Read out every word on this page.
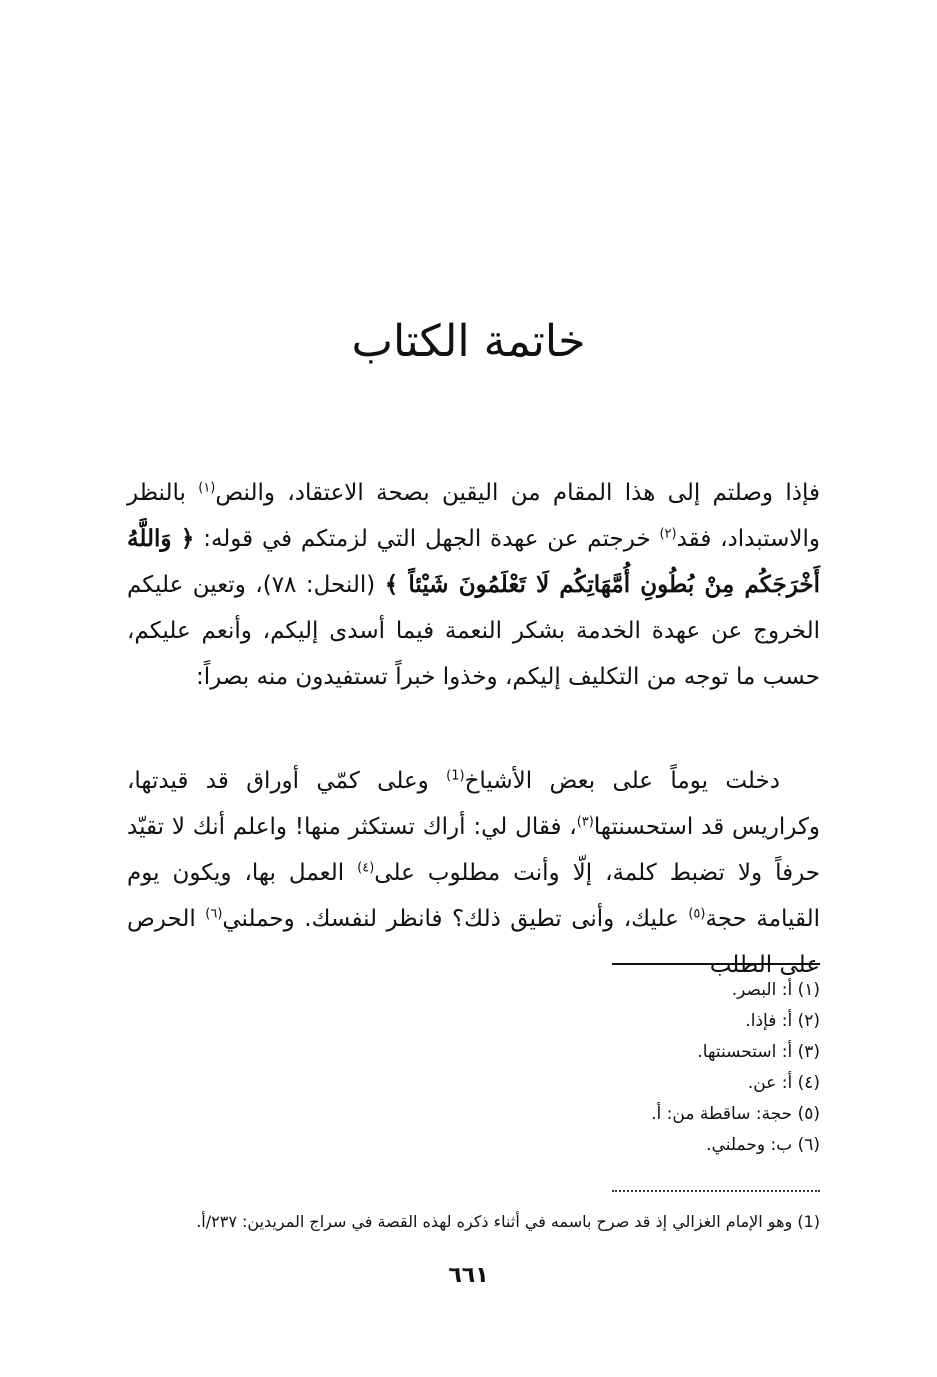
خاتمة الكتاب
فإذا وصلتم إلى هذا المقام من اليقين بصحة الاعتقاد، والنص$^{(١)}$ بالنظر والاستبداد، فقد$^{(٢)}$ خرجتم عن عهدة الجهل التي لزمتكم في قوله: ﴿ وَاللَّهُ أَخْرَجَكُم مِنْ بُطُونِ أُمَّهَاتِكُم لَا تَعْلَمُونَ شَيْئاً ﴾ (النحل: ٧٨)، وتعين عليكم الخروج عن عهدة الخدمة بشكر النعمة فيما أسدى إليكم، وأنعم عليكم، حسب ما توجه من التكليف إليكم، وخذوا خبراً تستفيدون منه بصراً:
دخلت يوماً على بعض الأشياخ$^{(1)}$ وعلى كمّي أوراق قد قيدتها، وكراريس قد استحسنتها$^{(٣)}$، فقال لي: أراك تستكثر منها! واعلم أنك لا تقيّد حرفاً ولا تضبط كلمة، إلّا وأنت مطلوب على$^{(٤)}$ العمل بها، ويكون يوم القيامة حجة$^{(٥)}$ عليك، وأنى تطيق ذلك؟ فانظر لنفسك. وحملني$^{(٦)}$ الحرص على الطلب
(١) أ: البصر.
(٢) أ: فإذا.
(٣) أ: استحسنتها.
(٤) أ: عن.
(٥) حجة: ساقطة من: أ.
(٦) ب: وحملني.
(1) وهو الإمام الغزالي إذ قد صرح باسمه في أثناء ذكره لهذه القصة في سراج المريدين: ٢٣٧/أ.
٦٦١
